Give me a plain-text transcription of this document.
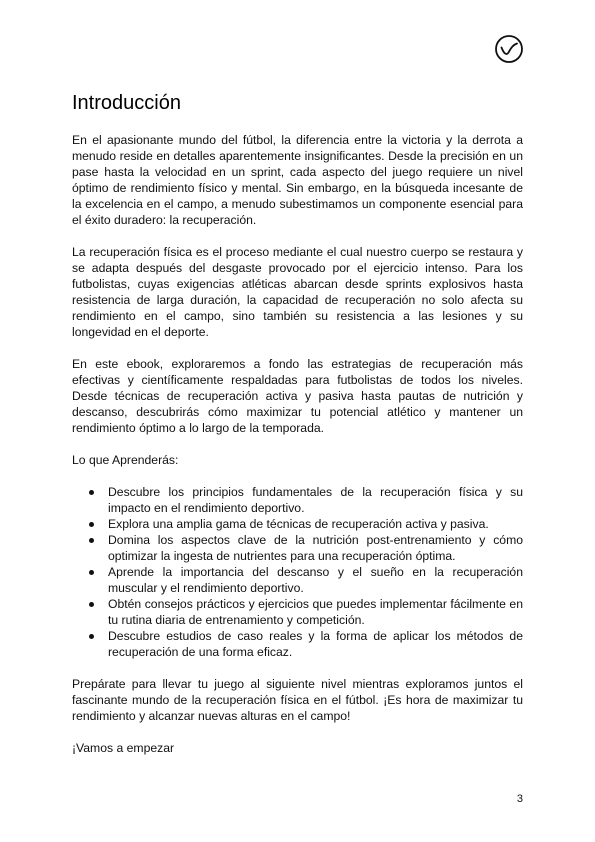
Introducción

En el apasionante mundo del fútbol, la diferencia entre la victoria y la derrota a menudo reside en detalles aparentemente insignificantes. Desde la precisión en un pase hasta la velocidad en un sprint, cada aspecto del juego requiere un nivel óptimo de rendimiento físico y mental. Sin embargo, en la búsqueda incesante de la excelencia en el campo, a menudo subestimamos un componente esencial para el éxito duradero: la recuperación.

La recuperación física es el proceso mediante el cual nuestro cuerpo se restaura y se adapta después del desgaste provocado por el ejercicio intenso. Para los futbolistas, cuyas exigencias atléticas abarcan desde sprints explosivos hasta resistencia de larga duración, la capacidad de recuperación no solo afecta su rendimiento en el campo, sino también su resistencia a las lesiones y su longevidad en el deporte.

En este ebook, exploraremos a fondo las estrategias de recuperación más efectivas y científicamente respaldadas para futbolistas de todos los niveles. Desde técnicas de recuperación activa y pasiva hasta pautas de nutrición y descanso, descubrirás cómo maximizar tu potencial atlético y mantener un rendimiento óptimo a lo largo de la temporada.

Lo que Aprenderás:

Descubre los principios fundamentales de la recuperación física y su impacto en el rendimiento deportivo.
Explora una amplia gama de técnicas de recuperación activa y pasiva.
Domina los aspectos clave de la nutrición post-entrenamiento y cómo optimizar la ingesta de nutrientes para una recuperación óptima.
Aprende la importancia del descanso y el sueño en la recuperación muscular y el rendimiento deportivo.
Obtén consejos prácticos y ejercicios que puedes implementar fácilmente en tu rutina diaria de entrenamiento y competición.
Descubre estudios de caso reales y la forma de aplicar los métodos de recuperación de una forma eficaz.

Prepárate para llevar tu juego al siguiente nivel mientras exploramos juntos el fascinante mundo de la recuperación física en el fútbol. ¡Es hora de maximizar tu rendimiento y alcanzar nuevas alturas en el campo!

¡Vamos a empezar

3
